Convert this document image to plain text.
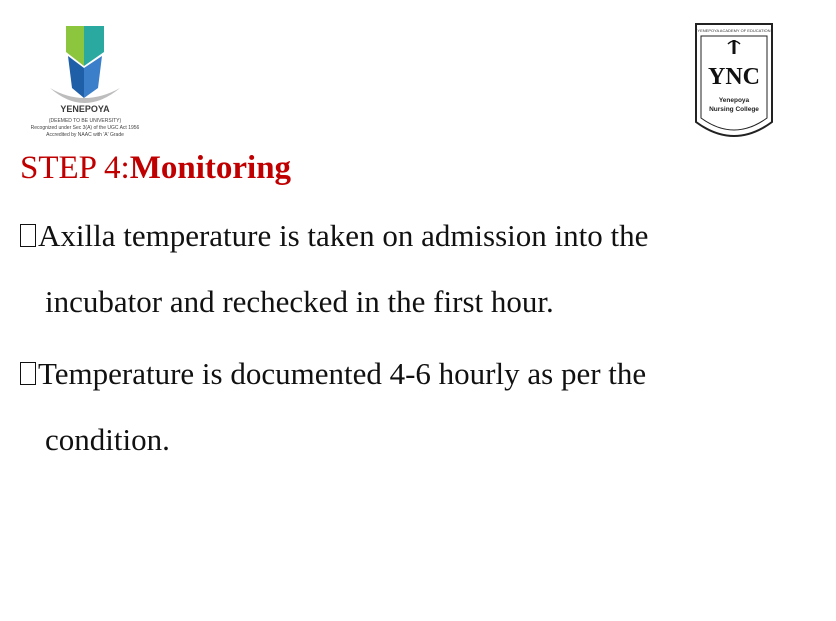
YENEPOYA
(DEEMED TO BE UNIVERSITY)
Recognized under Sec 3(A) of the UGC Act 1956
Accredited by NAAC with 'A' Grade
YENEPOYA ACADEMY OF EDUCATION
YNC
Yenepoya
Nursing College
STEP 4:Monitoring
Axilla temperature is taken on admission into the
incubator and rechecked in the first hour.
Temperature is documented 4-6 hourly as per the
condition.
